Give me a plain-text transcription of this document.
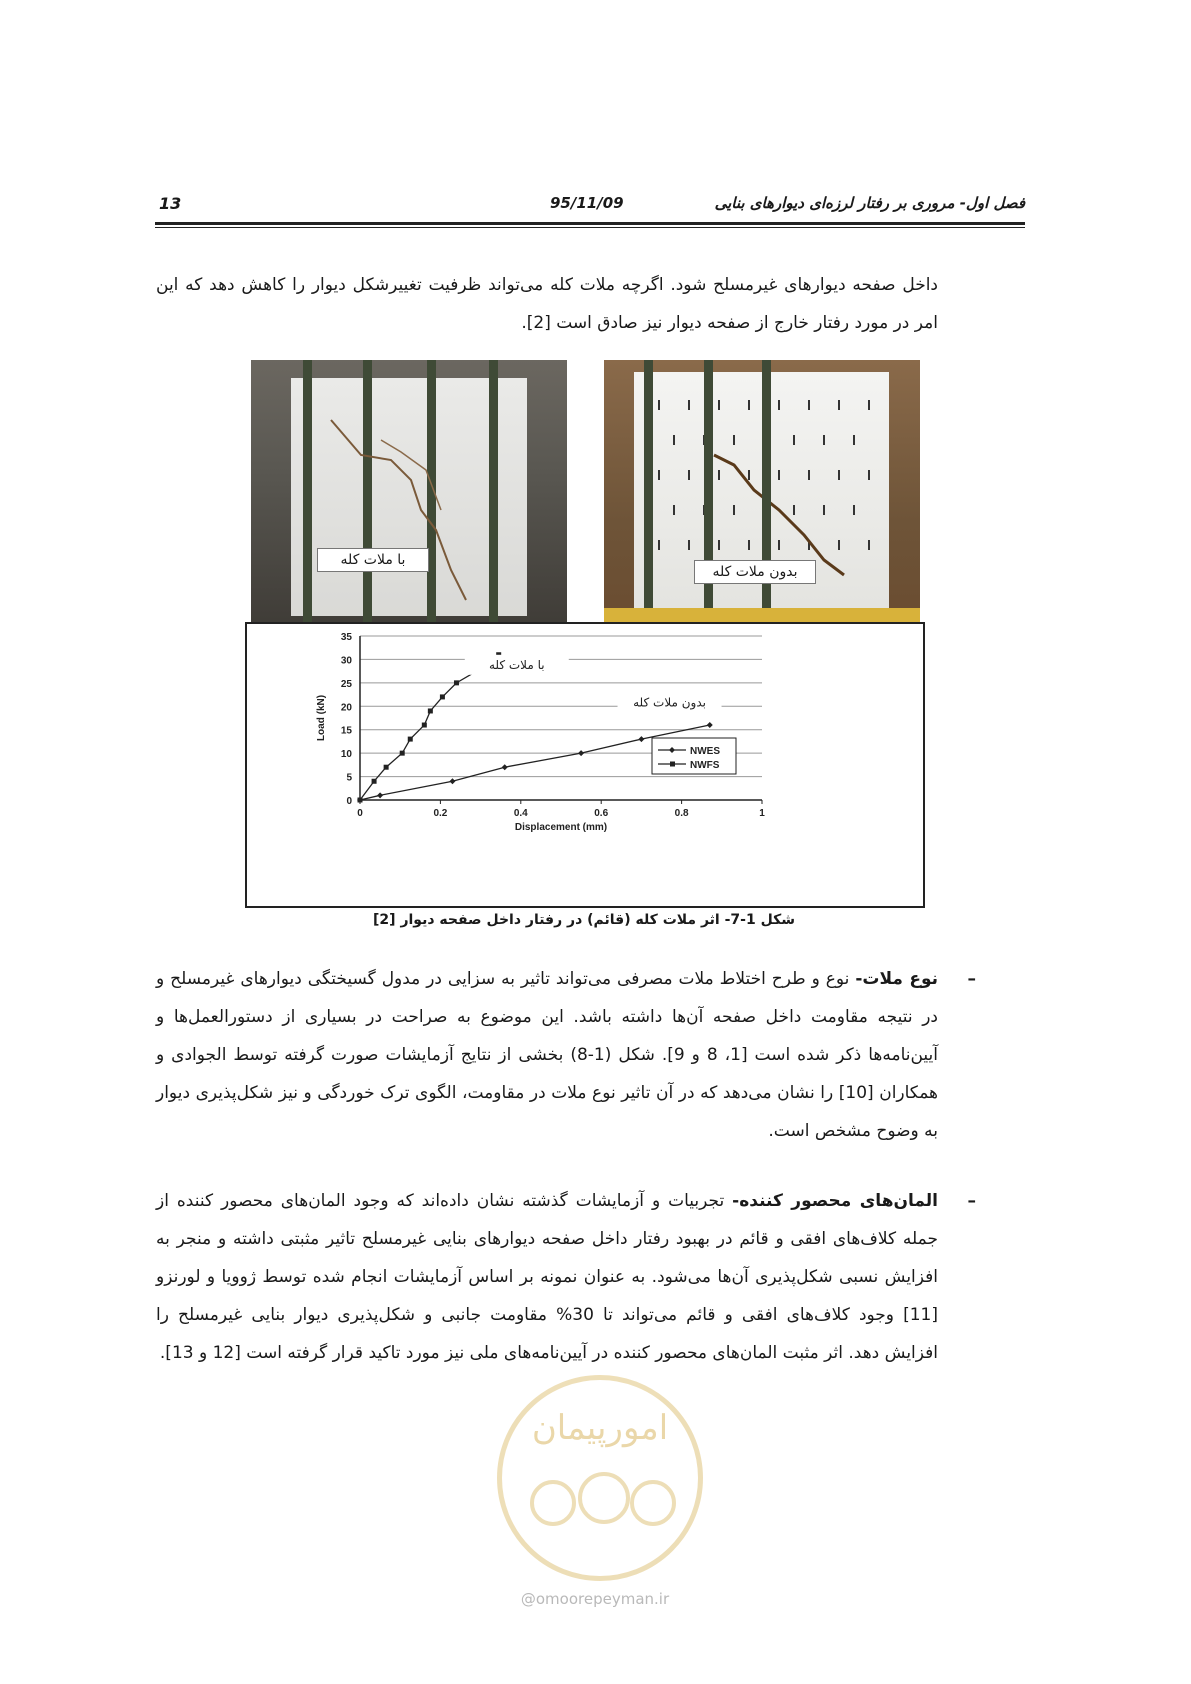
فصل اول- مروری بر رفتار لرزه‌ای دیوارهای بنایی
95/11/09
13
داخل صفحه دیوارهای غیرمسلح شود. اگرچه ملات کله می‌تواند ظرفیت تغییرشکل دیوار را کاهش دهد که این امر در مورد رفتار خارج از صفحه دیوار نیز صادق است [2].
با ملات کله
بدون ملات کله
0
5
10
15
20
25
30
35
0	0.2	0.4	0.6	0.8	1
Displacement (mm)
Load (kN)
با ملات کله
بدون ملات کله
NWES
NWFS
شکل 1-7- اثر ملات کله (قائم) در رفتار داخل صفحه دیوار [2]
–
نوع ملات- نوع و طرح اختلاط ملات مصرفی می‌تواند تاثیر به سزایی در مدول گسیختگی دیوارهای غیرمسلح و در نتیجه مقاومت داخل صفحه آن‌ها داشته باشد. این موضوع به صراحت در بسیاری از دستورالعمل‌ها و آیین‌نامه‌ها ذکر شده است [1، 8 و 9]. شکل (1-8) بخشی از نتایج آزمایشات صورت گرفته توسط الجوادی و همکاران [10] را نشان می‌دهد که در آن تاثیر نوع ملات در مقاومت، الگوی ترک خوردگی و نیز شکل‌پذیری دیوار به وضوح مشخص است.
–
المان‌های محصور کننده- تجربیات و آزمایشات گذشته نشان داده‌اند که وجود المان‌های محصور کننده از جمله کلاف‌های افقی و قائم در بهبود رفتار داخل صفحه دیوارهای بنایی غیرمسلح تاثیر مثبتی داشته و منجر به افزایش نسبی شکل‌پذیری آن‌ها می‌شود. به عنوان نمونه بر اساس آزمایشات انجام شده توسط ژوویا و لورنزو [11] وجود کلاف‌های افقی و قائم می‌تواند تا 30% مقاومت جانبی و شکل‌پذیری دیوار بنایی غیرمسلح را افزایش دهد. اثر مثبت المان‌های محصور کننده در آیین‌نامه‌های ملی نیز مورد تاکید قرار گرفته است [12 و 13].
امورپیمان
@omoorepeyman.ir
